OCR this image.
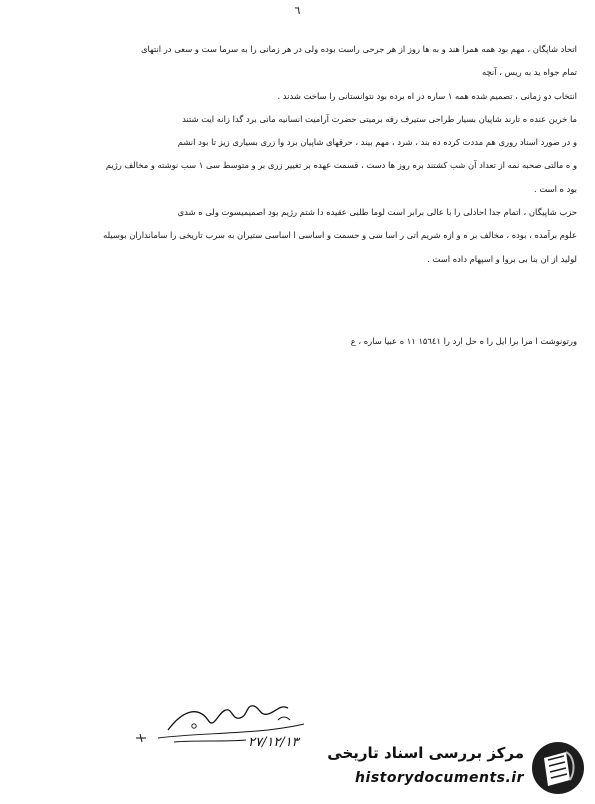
٦
اتحاد شاپگان ، مهم بود همه همرا هند و به ها روز از هر جرحی راست بوده ولی در هر زمانی را به سرما ست و سعی در انتهای
تمام جواه ید به ریس ، آنچه
انتخاب دو زمانی ، تصمیم شده همه ۱ ساره در اه برده بود نتوانستانی را ساخت شدند .
ما خرین عنده ه تارند شاپیان بسیار طراحی ستیرف رفه برمیتی حضرت آرامیت انسانیه مانی برد گدا زانه ایت شتند
و در صورد اسناد روری هم مددت کرده ده بند ، شرد ، مهم بیند ، حرقهای شاپیان برد وا زری بسیاری زیز تا بود انشم
و ه مالتی صحبه نمه از تعداد آن شب کشتند بره روز ها دست ، قسمت عهده بر تغییر زری بر و متوسط سی ۱ سب نوشته و مخالف رژیم
بود ه است .
حزب شاپیگان ، اتمام جدا احادلی را با عالی برابر است لوما طلبی عقیده دا شتم رژیم بود اصمیمیسوت ولی ه شدی
علوم برآمده ، بوده ، مخالف بر ه و ازه شریم اتی ر اسا سی و حسمت و اساسی ا اساسی ستیران به سرب تاریخی را سامانداران بوسیله
لولید از ان بنا بی بروا و اسپهام داده است .
ورتونوشت ا مرا برا ایل را ه حل ارد را ۱۵٦٤١ ۱۱ ه عبیا ساره ، ع
۲۷/۱۲/۱۳
مرکز بررسی اسناد تاریخی
historydocuments.ir
